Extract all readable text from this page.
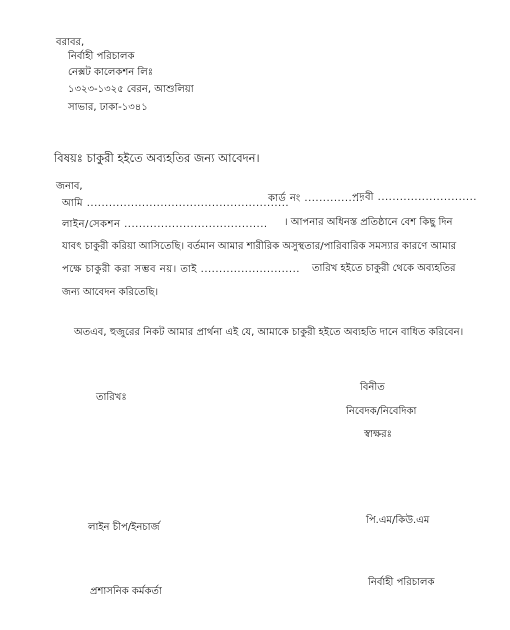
বরাবর,
নির্বাহী পরিচালক
নেক্সট কালেকশন লিঃ
১৩২৩-১৩২৫ বেরন, আশুলিয়া
সাভার, ঢাকা-১৩৪১
বিষয়ঃ চাকুরী হইতে অব্যহতির জন্য আবেদন।
জনাব,
আমি .......................................................
কার্ড নং ................
পদবী ...........................
লাইন/সেকশন ....................................... । আপনার অধিনস্ত প্রতিষ্ঠানে বেশ কিছু দিন
যাবৎ চাকুরী করিয়া আসিতেছি। বর্তমান আমার শারীরিক অসুস্থতার/পারিবারিক সমস্যার কারণে আমার
পক্ষে চাকুরী করা সম্ভব নয়। তাই ........................... তারিখ হইতে চাকুরী থেকে অব্যহতির
জন্য আবেদন করিতেছি।
অতএব, হুজুরের নিকট আমার প্রার্থনা এই যে, আমাকে চাকুরী হইতে অব্যহতি দানে বাধিত করিবেন।
বিনীত
তারিখঃ
নিবেদক/নিবেদিকা
স্বাক্ষরঃ
পি.এম/কিউ.এম
লাইন চীপ/ইনচার্জ
নির্বাহী পরিচালক
প্রশাসনিক কর্মকর্তা
